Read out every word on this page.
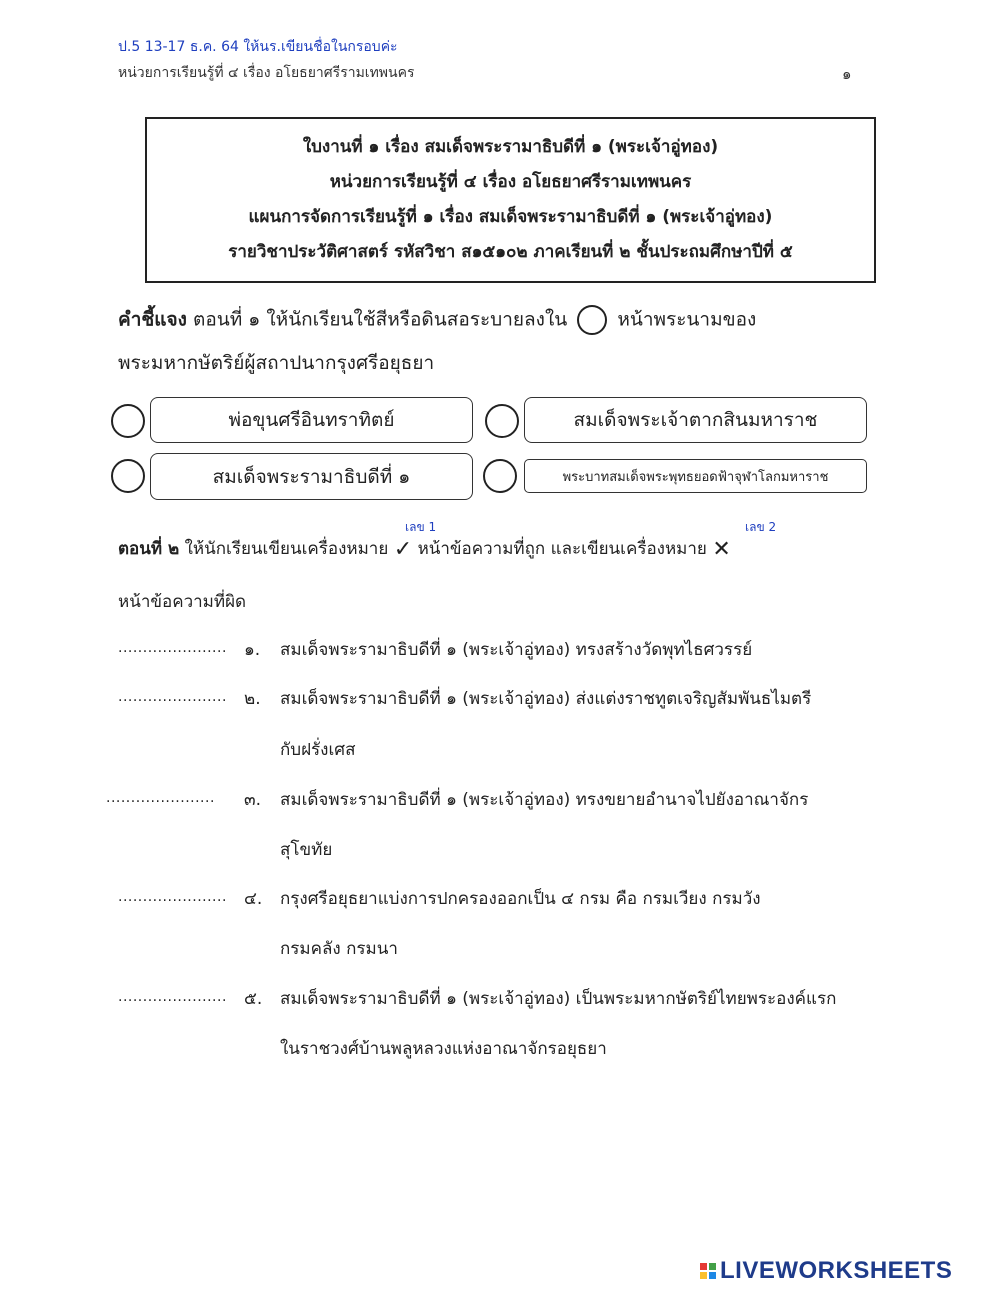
ป.5 13-17 ธ.ค. 64 ให้นร.เขียนชื่อในกรอบค่ะ
หน่วยการเรียนรู้ที่ ๔ เรื่อง อโยธยาศรีรามเทพนคร	๑
ใบงานที่ ๑ เรื่อง สมเด็จพระรามาธิบดีที่ ๑ (พระเจ้าอู่ทอง)
หน่วยการเรียนรู้ที่ ๔ เรื่อง อโยธยาศรีรามเทพนคร
แผนการจัดการเรียนรู้ที่ ๑ เรื่อง สมเด็จพระรามาธิบดีที่ ๑ (พระเจ้าอู่ทอง)
รายวิชาประวัติศาสตร์ รหัสวิชา ส๑๕๑๐๒ ภาคเรียนที่ ๒ ชั้นประถมศึกษาปีที่ ๕
คำชี้แจง ตอนที่ ๑ ให้นักเรียนใช้สีหรือดินสอระบายลงใน	หน้าพระนามของ
พระมหากษัตริย์ผู้สถาปนากรุงศรีอยุธยา
พ่อขุนศรีอินทราทิตย์	สมเด็จพระเจ้าตากสินมหาราช
สมเด็จพระรามาธิบดีที่ ๑	พระบาทสมเด็จพระพุทธยอดฟ้าจุฬาโลกมหาราช
เลข 1	เลข 2
ตอนที่ ๒ ให้นักเรียนเขียนเครื่องหมาย ✓ หน้าข้อความที่ถูก และเขียนเครื่องหมาย ✕
หน้าข้อความที่ผิด
...................... ๑. สมเด็จพระรามาธิบดีที่ ๑ (พระเจ้าอู่ทอง) ทรงสร้างวัดพุทไธศวรรย์
...................... ๒. สมเด็จพระรามาธิบดีที่ ๑ (พระเจ้าอู่ทอง) ส่งแต่งราชทูตเจริญสัมพันธไมตรี
กับฝรั่งเศส
...................... ๓. สมเด็จพระรามาธิบดีที่ ๑ (พระเจ้าอู่ทอง) ทรงขยายอำนาจไปยังอาณาจักร
สุโขทัย
...................... ๔. กรุงศรีอยุธยาแบ่งการปกครองออกเป็น ๔ กรม คือ กรมเวียง กรมวัง
กรมคลัง กรมนา
...................... ๕. สมเด็จพระรามาธิบดีที่ ๑ (พระเจ้าอู่ทอง) เป็นพระมหากษัตริย์ไทยพระองค์แรก
ในราชวงศ์บ้านพลูหลวงแห่งอาณาจักรอยุธยา
LIVEWORKSHEETS
